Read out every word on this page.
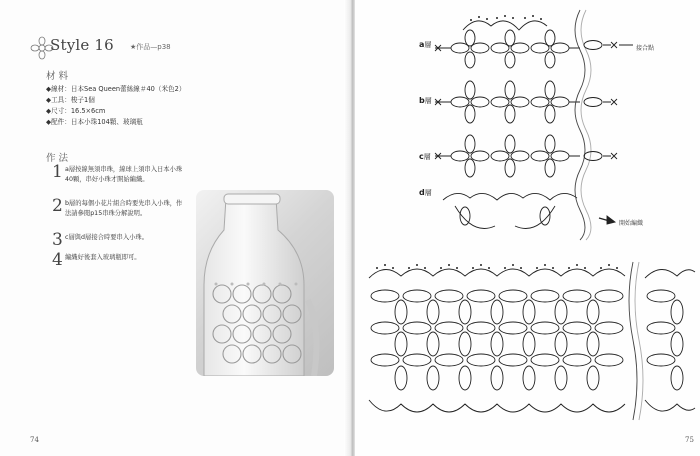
Style 16 ★作品—p38
材料
◆線材：日本Sea Queen蕾絲線＃40（米色2）
◆工具：梭子1個
◆尺寸：16.5×6cm
◆配件：日本小珠104顆、玻璃瓶
作法
1 a層按線無須串珠，線球上須串入日本小珠40顆，串好小珠才開始編織。
2 b層的每個小花片組合時要先串入小珠，作法請參閱p15串珠分解說明。
3 c層與d層接合時要串入小珠。
4 編織好後套入玻璃瓶即可。
74
a層
b層
c層
d層
接合點
開始編織
75
